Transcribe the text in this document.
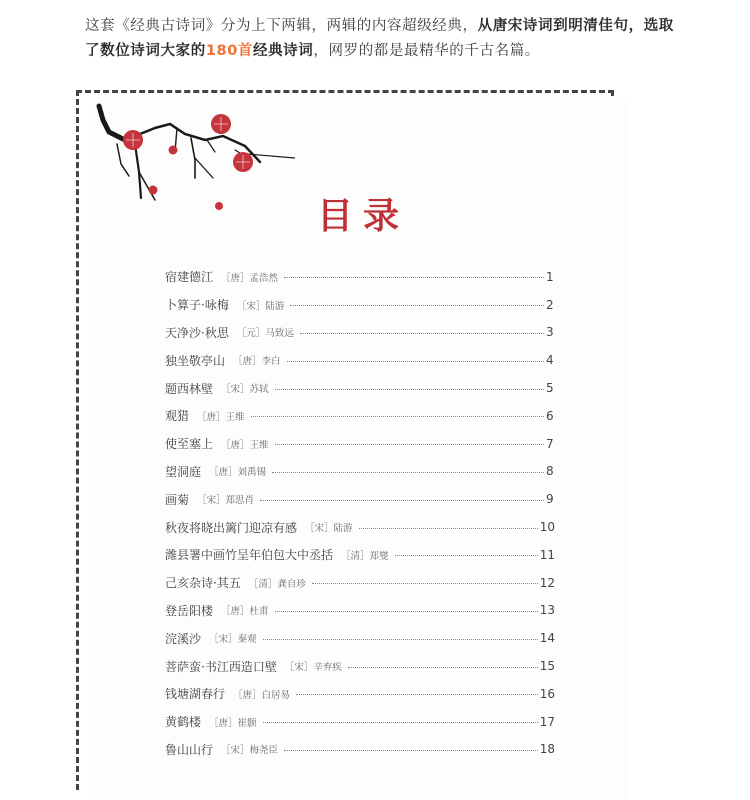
这套《经典古诗词》分为上下两辑，两辑的内容超级经典，从唐宋诗词到明清佳句，选取了数位诗词大家的180首经典诗词，网罗的都是最精华的千古名篇。
目录
宿建德江 ［唐］孟浩然	1
卜算子·咏梅 ［宋］陆游	2
天净沙·秋思 ［元］马致远	3
独坐敬亭山 ［唐］李白	4
题西林壁 ［宋］苏轼	5
观猎 ［唐］王维	6
使至塞上 ［唐］王维	7
望洞庭 ［唐］刘禹锡	8
画菊 ［宋］郑思肖	9
秋夜将晓出篱门迎凉有感 ［宋］陆游	10
潍县署中画竹呈年伯包大中丞括 ［清］郑燮	11
己亥杂诗·其五 ［清］龚自珍	12
登岳阳楼 ［唐］杜甫	13
浣溪沙 ［宋］秦观	14
菩萨蛮·书江西造口壁 ［宋］辛弃疾	15
钱塘湖春行 ［唐］白居易	16
黄鹤楼 ［唐］崔颢	17
鲁山山行 ［宋］梅尧臣	18
